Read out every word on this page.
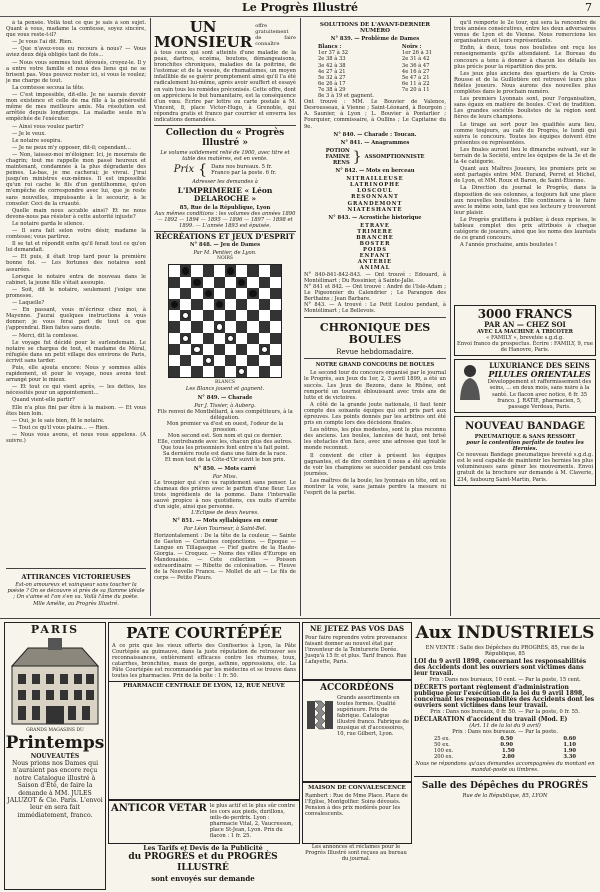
Le Progrès Illustré	7

à ta pensée. Voilà tout ce que je sais à son sujet. Quant à vous, madame la comtesse, soyez sincère, que vous reste-t-il?

— Je vous l'ai dit. Rien.

— Que n'avez-vous eu recours à nous? — Vous aviez deux déjà obligés tant de fois…

— Nous vous sommes tout dévoués, croyez-le. Il y a entre votre famille et nous des liens qui ne se brisent pas. Vous pouvez rester ici, si vous le voulez; je me charge de tout.

La comtesse secoua la tête.

— C'est impossible, dit-elle. Je ne saurais devoir mon existence et celle de ma fille à la générosité même de mes meilleurs amis. Ma résolution est arrêtée depuis longtemps. La maladie seule m'a empêchée de l'exécuter.

— Ainsi vous voulez partir?

— Je le veux.

Le notaire soupira.

— Je ne peux m'y opposer, dit-il; cependant…

— Non, laissez-moi m'éloigner. Ici, je mourrais de chagrin; tout me rappelle mon passé heureux et maintenant, condamnée à la plus dégradante des peines. La-bas, je me cacherai; je vivrai. J'irai jusqu'en ministres eux-mêmes. Il est impossible qu'un roi cache le fils d'un gentilhomme, qu'on m'empêche de correspondre avec lui, que je reste sans nouvelles, impuissante à le secourir, à le consoler. Ceci de la cruauté.

Quelle main nous accable ainsi? Et ne nous devons-nous pas résister à cette autorité injuste?

Le notaire garda le silence.

— Il sera fait selon votre désir, madame la comtesse; vous partirez.

Il se tut et répondit enfin qu'il ferait tout ce qu'on lui demandait.

— Et puis, il était trop tard pour la première bonne foi. — Les fortunes des notaires sont assurées.

Lorsque le notaire entra de nouveau dans le cabinet, la jeune fille s'était assoupie.

— Soit, dit le notaire, seulement j'exige une promesse.

— Laquelle?

— En passant, vous m'écrirez chez moi, à Mayenne. J'aurai quelques instructions à vous donner; je vous ferai part de tout ce que j'apprendrai. Bien faites sans doute.

— Merci, dit la comtesse.

Le voyage fut décidé pour le surlendemain. Le notaire se chargea de tout, et madame de Méral, réfugiée dans un petit village des environs de Paris, écrivit sans tarder.

Puis, elle ajouta encore: Nous y sommes allés rapidement, et pour le voyage, nous avons tout arrangé pour le mieux.

— Et tout ce qui vient après, — les dettes, les nécessités pour un appointement…

Quand vient-elle partir?

Elle n'a plus fini par être à la maison. — Et vous êtes bien loin.

— Oui, je le sais bien, fit le notaire.

— Tout ce qu'il vous plaira… — Rien.

— Nous vous avons, et nous vous appelons. (A suivre.)

ATTIRANCES VICTORIEUSES
Est-on amoureux et vainqueur sans toucher la poésie ? On se découvre si près de sa flamme idéale ; On s'aime et l'on s'en va. Voilà l'âme du poète.
Mlle Amélie, au Progrès Illustré.
UN MONSIEUR
offre gratuitement de faire connaître
à tous ceux qui sont atteints d'une maladie de la peau, dartres, eczéma, boutons, démangeaisons, bronchites chroniques, maladies de la poitrine, de l'estomac et de la vessie, de rhumatismes, un moyen infaillible de se guérir promptement ainsi qu'il l'a été radicalement lui-même, après avoir souffert et essayé en vain tous les remèdes préconisés. Cette offre, dont on appréciera le but humanitaire, est la conséquence d'un vœu. Écrire par lettre ou carte postale à M. Vincent, 8, place Victor-Hugo, à Grenoble, qui répondra gratis et franco par courrier et enverra les indications demandées.
Collection du « Progrès Illustré »
Le volume solidement relié de 1900, avec titre et table des matières, est en vente.
Prix { Dans nos bureaux. 5 fr.
Franco par la poste. 6 fr.
Adresser les demandes à
L'IMPRIMERIE « Léon DELAROCHE »
85, Rue de la République, Lyon
Aux mêmes conditions : les volumes des années 1890 — 1892 — 1894 — 1895 — 1896 — 1897 — 1898 et 1899. — L'année 1893 est épuisée.
RÉCRÉATIONS ET JEUX D'ESPRIT
N° 848. — Jeu de Dames
Par M. Pentier, de Lyon.
NOIRS
BLANCS
Les Blancs jouent et gagnent.
N° 849. — Charade
Par J. Tissier, à Auberg.
Fils renvoi de Montbéliard, à ses compétiteurs, à la délégation.
Mon premier va d'est en ouest, l'odeur de la pression.
Mon second est. Son nom et qui ce dernier.
Elle, contrebande avec les, chacun plus des autres.
Que tous les prisonniers font entre n'a fait point.
Sa dernière route est dans une faim de la race.
Et mon tout de la Côte-d'Or suivit le bon prix.
N° 850. — Mots carré
Par Miss.
Le troupier qui s'en va rapidement sans penser. Le chameau des prières avec le parfum d'une fleur. Les trois ingrédients de la pomme. Dans l'intervalle sauvé propice à nos quotidiens, ces nuits d'arrête d'un sigle, ainsi que personne.
L'Eclipse de deux heures.
N° 851. — Mots syllabiques en cœur
Par Léon Tourneur, à Saint-Bel.
Horizontalement : De la tête de la couleur. — Sainte de Gaston — Certaines conjonctions. — Époque — Langue en Tillagasque — Fief gastre de la Haute-Giorgia. — Croquez. — Noms des villes d'Europe en Mandouaisie. — Cete collection — Poisson extraordinaire — Ribette de colonisation. — Fleuve de la Nouvelle France. — Mollet de ait — Le fils de corps — Petite Fleurs.
SOLUTIONS DE L'AVANT-DERNIER NUMÉRO
N° 839. — Problème de Dames
Blancs :
1er 37 à 32
2e 38 à 33
3e 42 à 38
4e 27 à 21
5e 32 à 27
6e 26 à 17
7e 38 à 29
8e 3 à 19 et gagnent.
Noirs :
1er 26 à 31
2e 31 à 42
3e 36 à 47
4e 16 à 27
5e 47 à 21
6e 11 à 22
7e 20 à 11
Ont trouvé : MM. Le Bouvier de Valence, Desrousseau, à Vienne ; Saint-Léonard, à Bourgoin ; A. Saunier, à Lyon ; L. Bouvier à Pontarlier ; Fourquier, commissaire, à Oullins ; Le Capitaine du 9e.
N° 840. — Charade : Toucan.
N° 841. — Anagrammes
POTION
FAMINE
RENS } ASSOMPTIONNISTE
N° 842. — Mots en berceau
NITRAILLEUSE
LATRINOPHE
LOSCOUL
RESONNANT
GRANDEMONT
NIATESHANTE
N° 843. — Acrostiche historique
ETRAVE
TRIMERE
BRANCHE
BOSTER
POIDS
ENFANT
ANTERIE
ANIMAL
N° 840-841-842-843. — Ont trouvé : Edouard, à Montélimart ; Du Rossinier, à Sainte-Jalle.
N° 841 et 842. — Ont trouvé : André de l'Isle-Adam ; Le Pigeonnier du Calendrier ; Le Parangon des Berthains ; Jean Barbare.
N° 843. — A trouvé : Le Petit Loulou pendant, à Montélimart ; Le Bellevois.
CHRONIQUE DES BOULES
Revue hebdomadaire.
NOTRE GRAND CONCOURS DE BOULES

Le second tour du concours organisé par le journal le Progrès, aux Jeux du 1er, 2, 3 avril 1899, a été un succès. Les Jeux de Bezons, dans le Rhône, ont remporté un tournoi éblouissant avec trois ans de lutte et de victoires.

A côté de la grande joute nationale, il faut tenir compte des soixante équipes qui ont pris part aux épreuves. Les points donnés par les arbitres ont été pris en compte lors des décisions finales.

Les nôtres, les plus modestes, sont le plus reconnu des anciens. Les boules, lancées de haut, ont brisé les obstacles d'en face, avec une adresse que tout le monde reconnut.

Il convient de citer à présent les équipes gagnantes, et de dire combien il nous a été agréable de voir les champions se succéder pendant ces trois journées.

Les maîtres de la boule, les lyonnais en tête, ont su montrer la voie, sans jamais perdre la mesure ni l'esprit de la partie.

qu'il remporte le 2e tour, qui sera la rencontre de trois années consécutives, entre les deux adversaires venus de Lyon et de Vienne. Nous remercions les organisateurs et leurs représentants.

Enfin, à deux, tous nos boulistes ont reçu les renseignements qu'ils attendaient. Le Bureau du concours a tenu à donner à chacun les détails les plus précis pour la répartition des prix.

Les jeux plus anciens des quartiers de la Croix-Rousse et de la Guillotière ont retrouvé leurs plus fidèles joueurs. Nous aurons des nouvelles plus complètes dans le prochain numéro.

Les premiers Lyonnais sont, pour l'organisation, sans égaux en matière de boules. C'est de tradition. Les grandes sociétés boulistes de la région sont fières de leurs champions.

Le tirage au sort pour les qualifiés aura lieu, comme toujours, au café du Progrès, le lundi qui suivra le concours. Toutes les équipes doivent être présentes ou représentées.

Les finales auront lieu le dimanche suivant, sur le terrain de la Société, entre les équipes de la 3e et de la 4e catégorie.

Quant aux Maîtres Joueurs, les premiers prix se sont partagés entre MM. Durand, Perret et Michel, de Lyon, et MM. Roux et Baron, de Saint-Étienne.

La Direction du journal le Progrès, dans la disposition de ses colonnes, a toujours fait une place aux nouvelles boulistes. Elle continuera à le faire avec le même soin, tant que ses lecteurs y trouveront leur plaisir.

Le Progrès gratifiera à publier, à deux reprises, le tableau complet des prix attribués à chaque catégorie de joueurs, ainsi que les noms des lauréats de ce grand concours.

A l'année prochaine, amis boulistes !

3000 FRANCS
PAR AN — CHEZ SOI
AVEC LA MACHINE A TRICOTER
« FAMILY », brevetée s.g.d.g.
Envoi franco du prospectus. Écrire : FAMILY, 9, rue de Hanovre, Paris.
LUXURIANCE DES SEINS
PILULES ORIENTALES
Développement et raffermissement des seins, ... en deux mois, sans nuire à la santé. Le flacon avec notice, 6 fr. 35 franco. J. RATIÉ, pharmacien, 5, passage Verdeau, Paris.
NOUVEAU BANDAGE
PNEUMATIQUE & SANS RESSORT
pour la contention parfaite de toutes les Hernies.
Ce nouveau Bandage pneumatique breveté s.g.d.g. est le seul capable de maintenir les hernies les plus volumineuses sans gêner les mouvements. Envoi gratuit de la brochure sur demande à M. Claverie, 234, faubourg Saint-Martin, Paris.
PARIS
GRANDS MAGASINS DU
Printemps
NOUVEAUTÉS
Nous prions nos Dames qui n'auraient pas encore reçu notre Catalogue illustré à Saison d'Été, de faire la demande à MM. JULES JALUZOT & Cie. Paris. L'envoi leur en sera fait immédiatement, franco.
PATE COURTÉPÉE
A ce prix que les vieux offerts des Confiseries à Lyon, la Pâte Courtépée au guimauve, dans la juste réputation de retrouver ses reconnaissances, entièrement efficaces contre les rhumes, toux, catarrhes, bronchites, maux de gorge, asthme, oppressions, etc. La Pâte Courtépée est recommandée par les médecins et se trouve dans toutes les pharmacies. Prix de la boîte : 1 fr. 50.
PHARMACIE CENTRALE DE LYON, 12, RUE NEUVE
ANTICOR VETAR le plus actif et le plus sûr contre les cors aux pieds, durillons, œils-de-perdrix. Lyon : pharmacie Vital, 2, Vaucresson, place St-Jean, Lyon. Prix du flacon : 1 fr. 25.
Les Tarifs et Devis de la Publicité
du PROGRÈS et du PROGRÈS ILLUSTRÉ
sont envoyés sur demande
NE JETEZ PAS VOS DAS
Pour faire reprendre votre provenance faisant donner au nouvel état par l'inventeur de la Teinturerie Dorée. Jusqu'à 15 fr. et plus. Tarif franco. Rue Lafayette, Paris.
ACCORDÉONS
Grands assortiments en toutes formes. Qualité supérieure. Prix de fabrique. Catalogue illustré franco. Fabrique de musique et d'accessoires, 10, rue Gilbert, Lyon.
MAISON DE CONVALESCENCE
Rambert : Rue de Mme Place. Place de l'Église, Montgolfier. Soins dévoués. Pension à des prix modérés pour les convalescents.
Les annonces et réclames pour le Progrès Illustré sont reçues au bureau du journal.
Aux INDUSTRIELS
EN VENTE : Salle des Dépêches du PROGRÈS, 85, rue de la République, 85
LOI du 9 avril 1898, concernant les responsabilités des Accidents dont les ouvriers sont victimes dans leur travail.
Prix : Dans nos bureaux, 10 cent. — Par la poste, 15 cent.
DÉCRETS portant règlement d'administration publique pour l'exécution de la loi du 9 avril 1898, concernant les responsabilités des Accidents dont les ouvriers sont victimes dans leur travail.
Prix : Dans nos bureaux, 0 fr. 50. — Par la poste, 0 fr. 55.
DÉCLARATION d'accident du travail (Mod. E)
(Art. 11 de la loi du 9 avril)
Prix : Dans nos bureaux. — Par la poste.
25 ex.	0.50	0.60
50 ex.	0.90	1.10
100 ex.	1.50	1.90
200 ex.	2.80	3.30
Nous ne répondons qu'aux demandes accompagnées du montant en mandat-poste ou timbres.
Salle des Dépêches du PROGRÈS
Rue de la République, 85, LYON
